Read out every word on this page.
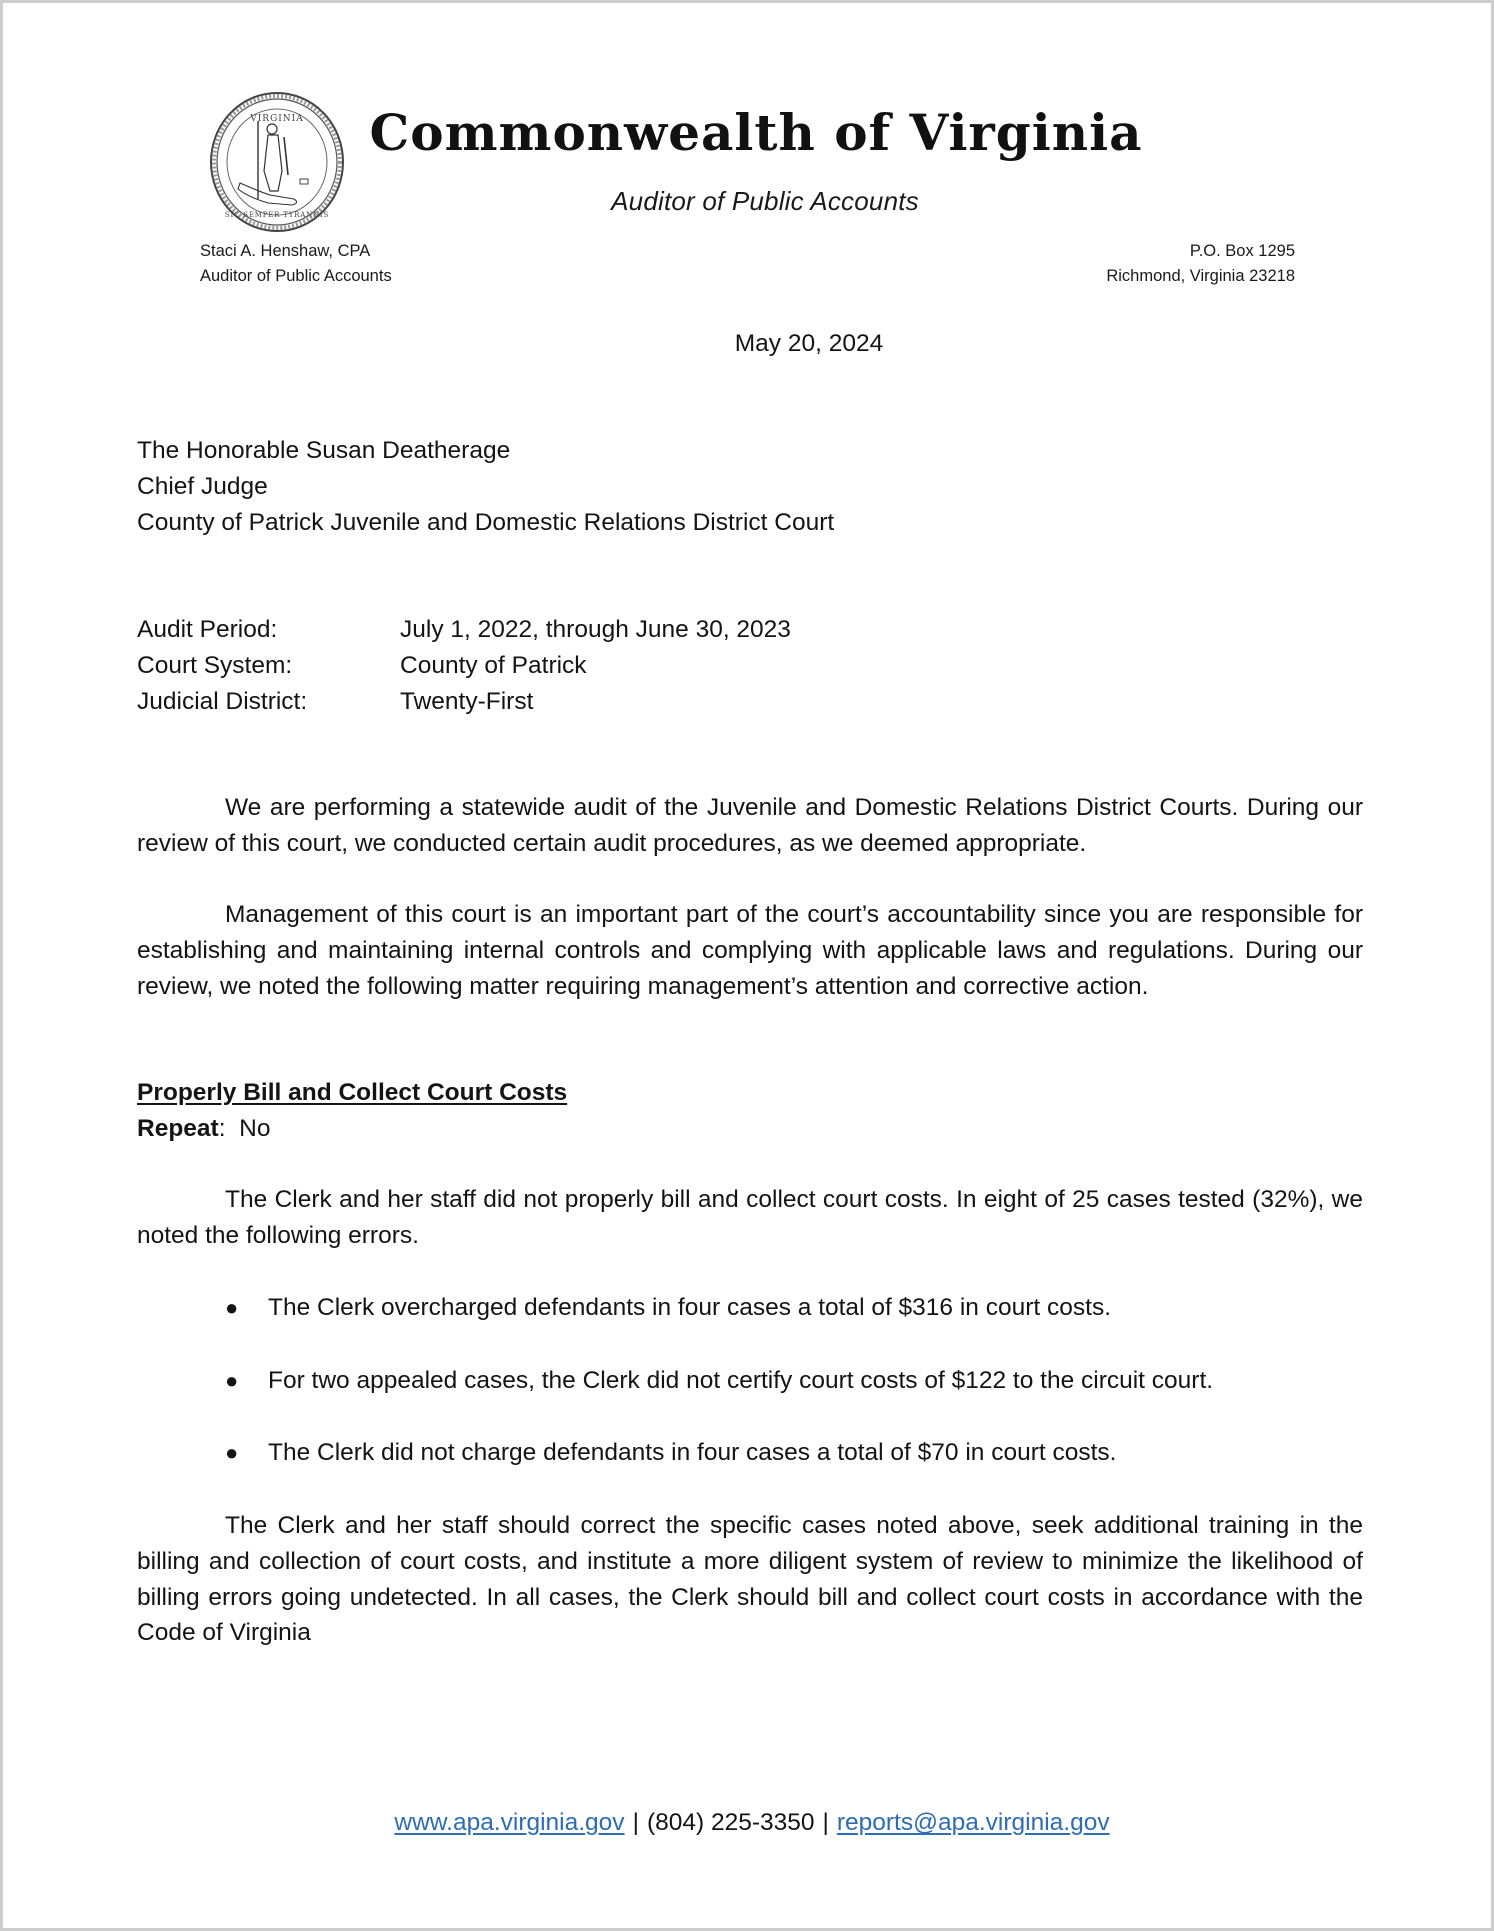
VIRGINIA
SIC SEMPER TYRANNIS
Commonwealth of Virginia
Auditor of Public Accounts
Staci A. Henshaw, CPA
Auditor of Public Accounts
P.O. Box 1295
Richmond, Virginia 23218
May 20, 2024
The Honorable Susan Deatherage
Chief Judge
County of Patrick Juvenile and Domestic Relations District Court
Audit Period:	July 1, 2022, through June 30, 2023
Court System:	County of Patrick
Judicial District:	Twenty-First
We are performing a statewide audit of the Juvenile and Domestic Relations District Courts. During our review of this court, we conducted certain audit procedures, as we deemed appropriate.
Management of this court is an important part of the court’s accountability since you are responsible for establishing and maintaining internal controls and complying with applicable laws and regulations. During our review, we noted the following matter requiring management’s attention and corrective action.
Properly Bill and Collect Court Costs
Repeat:  No
The Clerk and her staff did not properly bill and collect court costs. In eight of 25 cases tested (32%), we noted the following errors.
●	The Clerk overcharged defendants in four cases a total of $316 in court costs.
●	For two appealed cases, the Clerk did not certify court costs of $122 to the circuit court.
●	The Clerk did not charge defendants in four cases a total of $70 in court costs.
The Clerk and her staff should correct the specific cases noted above, seek additional training in the billing and collection of court costs, and institute a more diligent system of review to minimize the likelihood of billing errors going undetected. In all cases, the Clerk should bill and collect court costs in accordance with the Code of Virginia
www.apa.virginia.gov | (804) 225-3350 | reports@apa.virginia.gov
